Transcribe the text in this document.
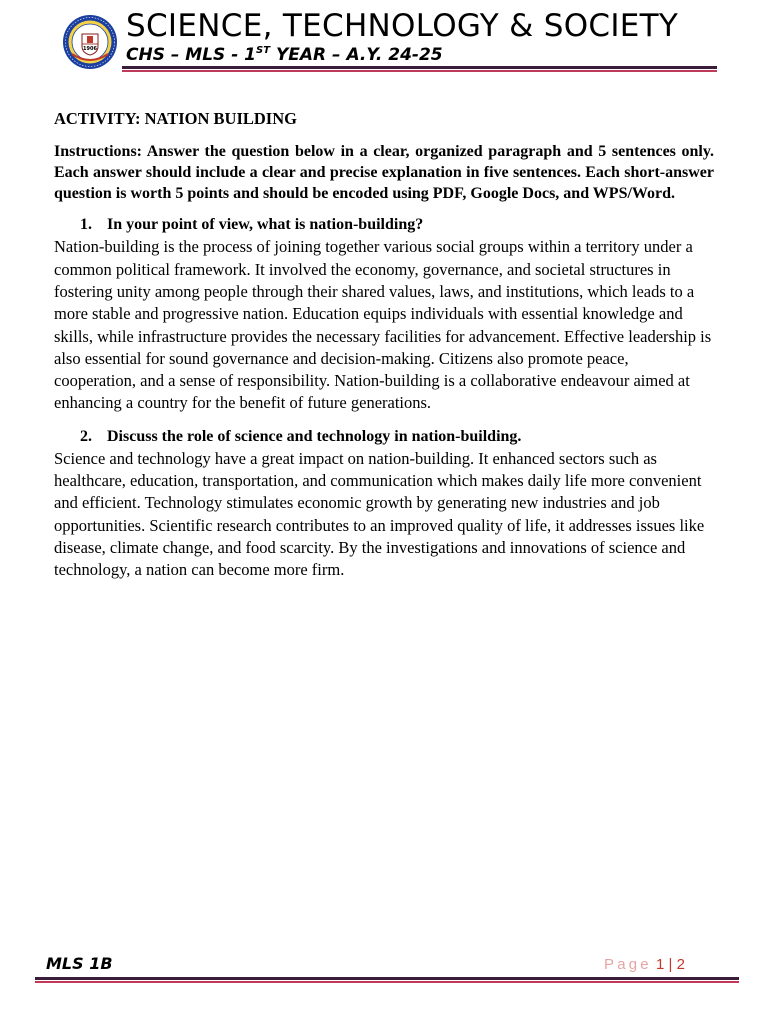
1906
SCIENCE, TECHNOLOGY & SOCIETY
CHS – MLS - 1ST YEAR – A.Y. 24-25

ACTIVITY: NATION BUILDING

Instructions: Answer the question below in a clear, organized paragraph and 5 sentences only. Each answer should include a clear and precise explanation in five sentences. Each short-answer question is worth 5 points and should be encoded using PDF, Google Docs, and WPS/Word.

1. In your point of view, what is nation-building?

Nation-building is the process of joining together various social groups within a territory under a common political framework. It involved the economy, governance, and societal structures in fostering unity among people through their shared values, laws, and institutions, which leads to a more stable and progressive nation. Education equips individuals with essential knowledge and skills, while infrastructure provides the necessary facilities for advancement. Effective leadership is also essential for sound governance and decision-making. Citizens also promote peace, cooperation, and a sense of responsibility. Nation-building is a collaborative endeavour aimed at enhancing a country for the benefit of future generations.

2. Discuss the role of science and technology in nation-building.

Science and technology have a great impact on nation-building. It enhanced sectors such as healthcare, education, transportation, and communication which makes daily life more convenient and efficient. Technology stimulates economic growth by generating new industries and job opportunities. Scientific research contributes to an improved quality of life, it addresses issues like disease, climate change, and food scarcity. By the investigations and innovations of science and technology, a nation can become more firm.

MLS 1B	Page 1 | 2
